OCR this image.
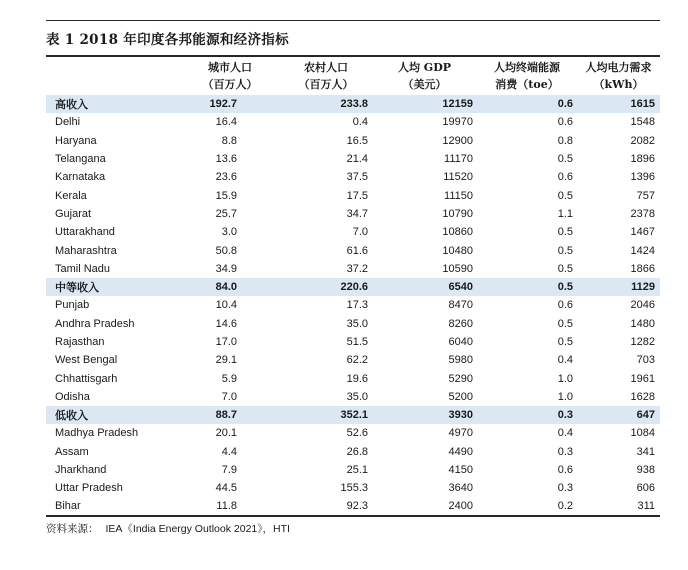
表 1 2018 年印度各邦能源和经济指标
	城市人口	农村人口	人均 GDP	人均终端能源	人均电力需求
	（百万人）	（百万人）	（美元）	消费（toe）	（kWh）
高收入	192.7	233.8	12159	0.6	1615
Delhi	16.4	0.4	19970	0.6	1548
Haryana	8.8	16.5	12900	0.8	2082
Telangana	13.6	21.4	11170	0.5	1896
Karnataka	23.6	37.5	11520	0.6	1396
Kerala	15.9	17.5	11150	0.5	757
Gujarat	25.7	34.7	10790	1.1	2378
Uttarakhand	3.0	7.0	10860	0.5	1467
Maharashtra	50.8	61.6	10480	0.5	1424
Tamil Nadu	34.9	37.2	10590	0.5	1866
中等收入	84.0	220.6	6540	0.5	1129
Punjab	10.4	17.3	8470	0.6	2046
Andhra Pradesh	14.6	35.0	8260	0.5	1480
Rajasthan	17.0	51.5	6040	0.5	1282
West Bengal	29.1	62.2	5980	0.4	703
Chhattisgarh	5.9	19.6	5290	1.0	1961
Odisha	7.0	35.0	5200	1.0	1628
低收入	88.7	352.1	3930	0.3	647
Madhya Pradesh	20.1	52.6	4970	0.4	1084
Assam	4.4	26.8	4490	0.3	341
Jharkhand	7.9	25.1	4150	0.6	938
Uttar Pradesh	44.5	155.3	3640	0.3	606
Bihar	11.8	92.3	2400	0.2	311
资料来源： IEA《India Energy Outlook 2021》，HTI
